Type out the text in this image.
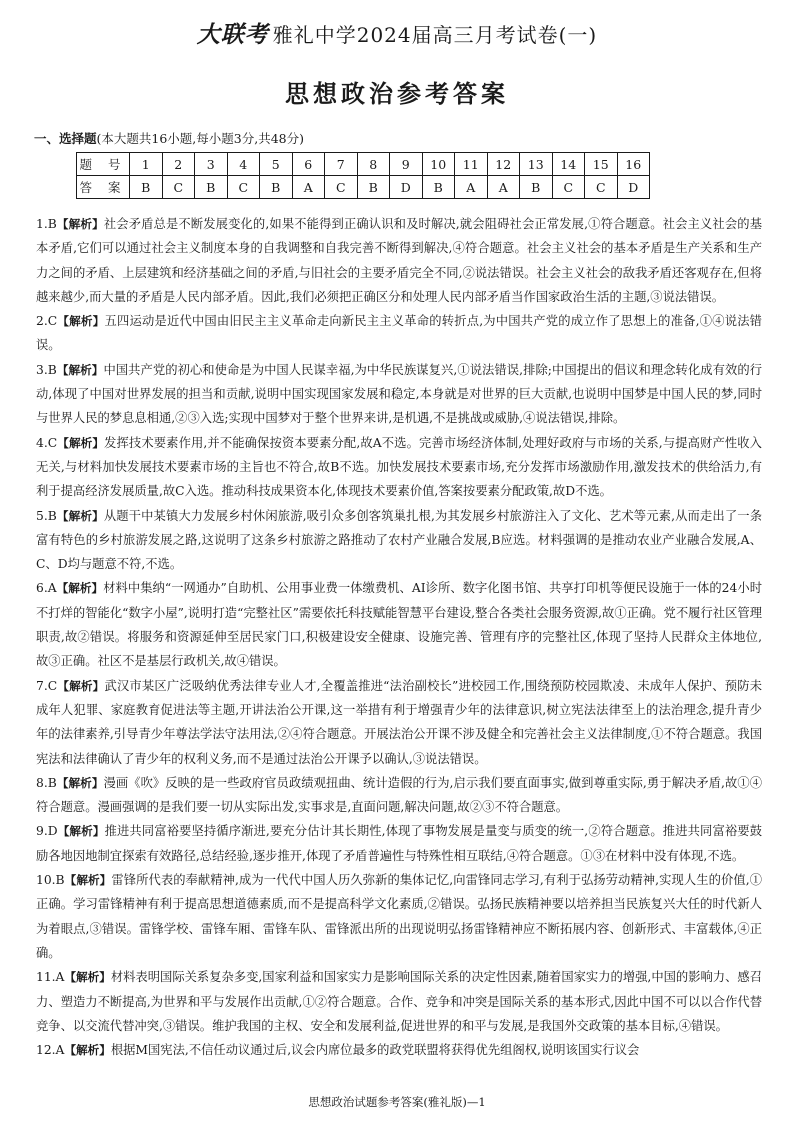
大联考 雅礼中学2024届高三月考试卷(一)
思想政治参考答案
一、选择题(本大题共16小题,每小题3分,共48分)
题 号	1	2	3	4	5	6	7	8	9	10	11	12	13	14	15	16
答 案	B	C	B	C	B	A	C	B	D	B	A	A	B	C	C	D
1.B【解析】社会矛盾总是不断发展变化的,如果不能得到正确认识和及时解决,就会阻碍社会正常发展,①符合题意。社会主义社会的基本矛盾,它们可以通过社会主义制度本身的自我调整和自我完善不断得到解决,④符合题意。社会主义社会的基本矛盾是生产关系和生产力之间的矛盾、上层建筑和经济基础之间的矛盾,与旧社会的主要矛盾完全不同,②说法错误。社会主义社会的敌我矛盾还客观存在,但将越来越少,而大量的矛盾是人民内部矛盾。因此,我们必须把正确区分和处理人民内部矛盾当作国家政治生活的主题,③说法错误。
2.C【解析】五四运动是近代中国由旧民主主义革命走向新民主主义革命的转折点,为中国共产党的成立作了思想上的准备,①④说法错误。
3.B【解析】中国共产党的初心和使命是为中国人民谋幸福,为中华民族谋复兴,①说法错误,排除;中国提出的倡议和理念转化成有效的行动,体现了中国对世界发展的担当和贡献,说明中国实现国家发展和稳定,本身就是对世界的巨大贡献,也说明中国梦是中国人民的梦,同时与世界人民的梦息息相通,②③入选;实现中国梦对于整个世界来讲,是机遇,不是挑战或威胁,④说法错误,排除。
4.C【解析】发挥技术要素作用,并不能确保按资本要素分配,故A不选。完善市场经济体制,处理好政府与市场的关系,与提高财产性收入无关,与材料加快发展技术要素市场的主旨也不符合,故B不选。加快发展技术要素市场,充分发挥市场激励作用,激发技术的供给活力,有利于提高经济发展质量,故C入选。推动科技成果资本化,体现技术要素价值,答案按要素分配政策,故D不选。
5.B【解析】从题干中某镇大力发展乡村休闲旅游,吸引众多创客筑巢扎根,为其发展乡村旅游注入了文化、艺术等元素,从而走出了一条富有特色的乡村旅游发展之路,这说明了这条乡村旅游之路推动了农村产业融合发展,B应选。材料强调的是推动农业产业融合发展,A、C、D均与题意不符,不选。
6.A【解析】材料中集纳“一网通办”自助机、公用事业费一体缴费机、AI诊所、数字化图书馆、共享打印机等便民设施于一体的24小时不打烊的智能化“数字小屋”,说明打造“完整社区”需要依托科技赋能智慧平台建设,整合各类社会服务资源,故①正确。党不履行社区管理职责,故②错误。将服务和资源延伸至居民家门口,积极建设安全健康、设施完善、管理有序的完整社区,体现了坚持人民群众主体地位,故③正确。社区不是基层行政机关,故④错误。
7.C【解析】武汉市某区广泛吸纳优秀法律专业人才,全覆盖推进“法治副校长”进校园工作,围绕预防校园欺凌、未成年人保护、预防未成年人犯罪、家庭教育促进法等主题,开讲法治公开课,这一举措有利于增强青少年的法律意识,树立宪法法律至上的法治理念,提升青少年的法律素养,引导青少年尊法学法守法用法,②④符合题意。开展法治公开课不涉及健全和完善社会主义法律制度,①不符合题意。我国宪法和法律确认了青少年的权利义务,而不是通过法治公开课予以确认,③说法错误。
8.B【解析】漫画《吹》反映的是一些政府官员政绩观扭曲、统计造假的行为,启示我们要直面事实,做到尊重实际,勇于解决矛盾,故①④符合题意。漫画强调的是我们要一切从实际出发,实事求是,直面问题,解决问题,故②③不符合题意。
9.D【解析】推进共同富裕要坚持循序渐进,要充分估计其长期性,体现了事物发展是量变与质变的统一,②符合题意。推进共同富裕要鼓励各地因地制宜探索有效路径,总结经验,逐步推开,体现了矛盾普遍性与特殊性相互联结,④符合题意。①③在材料中没有体现,不选。
10.B【解析】雷锋所代表的奉献精神,成为一代代中国人历久弥新的集体记忆,向雷锋同志学习,有利于弘扬劳动精神,实现人生的价值,①正确。学习雷锋精神有利于提高思想道德素质,而不是提高科学文化素质,②错误。弘扬民族精神要以培养担当民族复兴大任的时代新人为着眼点,③错误。雷锋学校、雷锋车厢、雷锋车队、雷锋派出所的出现说明弘扬雷锋精神应不断拓展内容、创新形式、丰富载体,④正确。
11.A【解析】材料表明国际关系复杂多变,国家利益和国家实力是影响国际关系的决定性因素,随着国家实力的增强,中国的影响力、感召力、塑造力不断提高,为世界和平与发展作出贡献,①②符合题意。合作、竞争和冲突是国际关系的基本形式,因此中国不可以以合作代替竞争、以交流代替冲突,③错误。维护我国的主权、安全和发展利益,促进世界的和平与发展,是我国外交政策的基本目标,④错误。
12.A【解析】根据M国宪法,不信任动议通过后,议会内席位最多的政党联盟将获得优先组阁权,说明该国实行议会
思想政治试题参考答案(雅礼版)—1
